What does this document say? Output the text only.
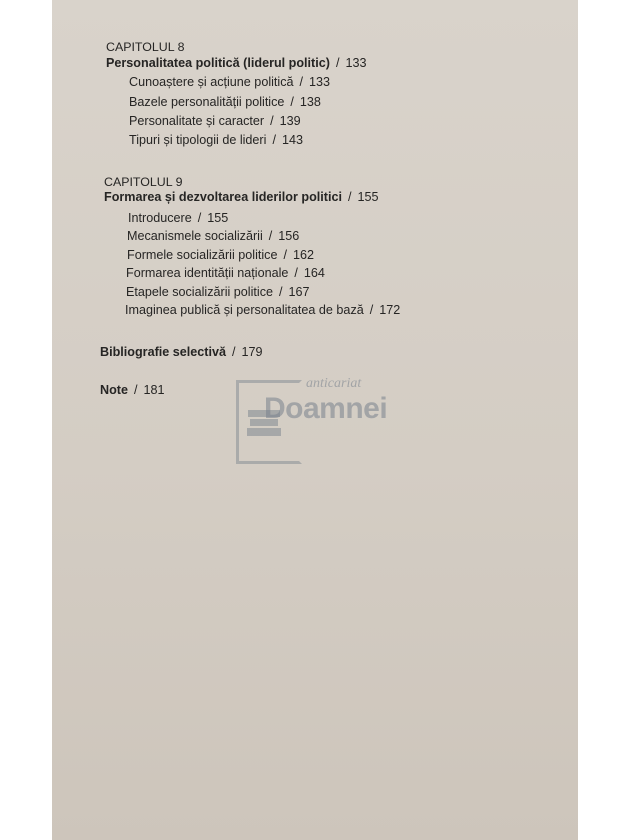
CAPITOLUL 8
Personalitatea politică (liderul politic) / 133
Cunoaștere și acțiune politică / 133
Bazele personalității politice / 138
Personalitate și caracter / 139
Tipuri și tipologii de lideri / 143
CAPITOLUL 9
Formarea și dezvoltarea liderilor politici / 155
Introducere / 155
Mecanismele socializării / 156
Formele socializării politice / 162
Formarea identității naționale / 164
Etapele socializării politice / 167
Imaginea publică și personalitatea de bază / 172
Bibliografie selectivă / 179
Note / 181	anticariat
Doamnei
